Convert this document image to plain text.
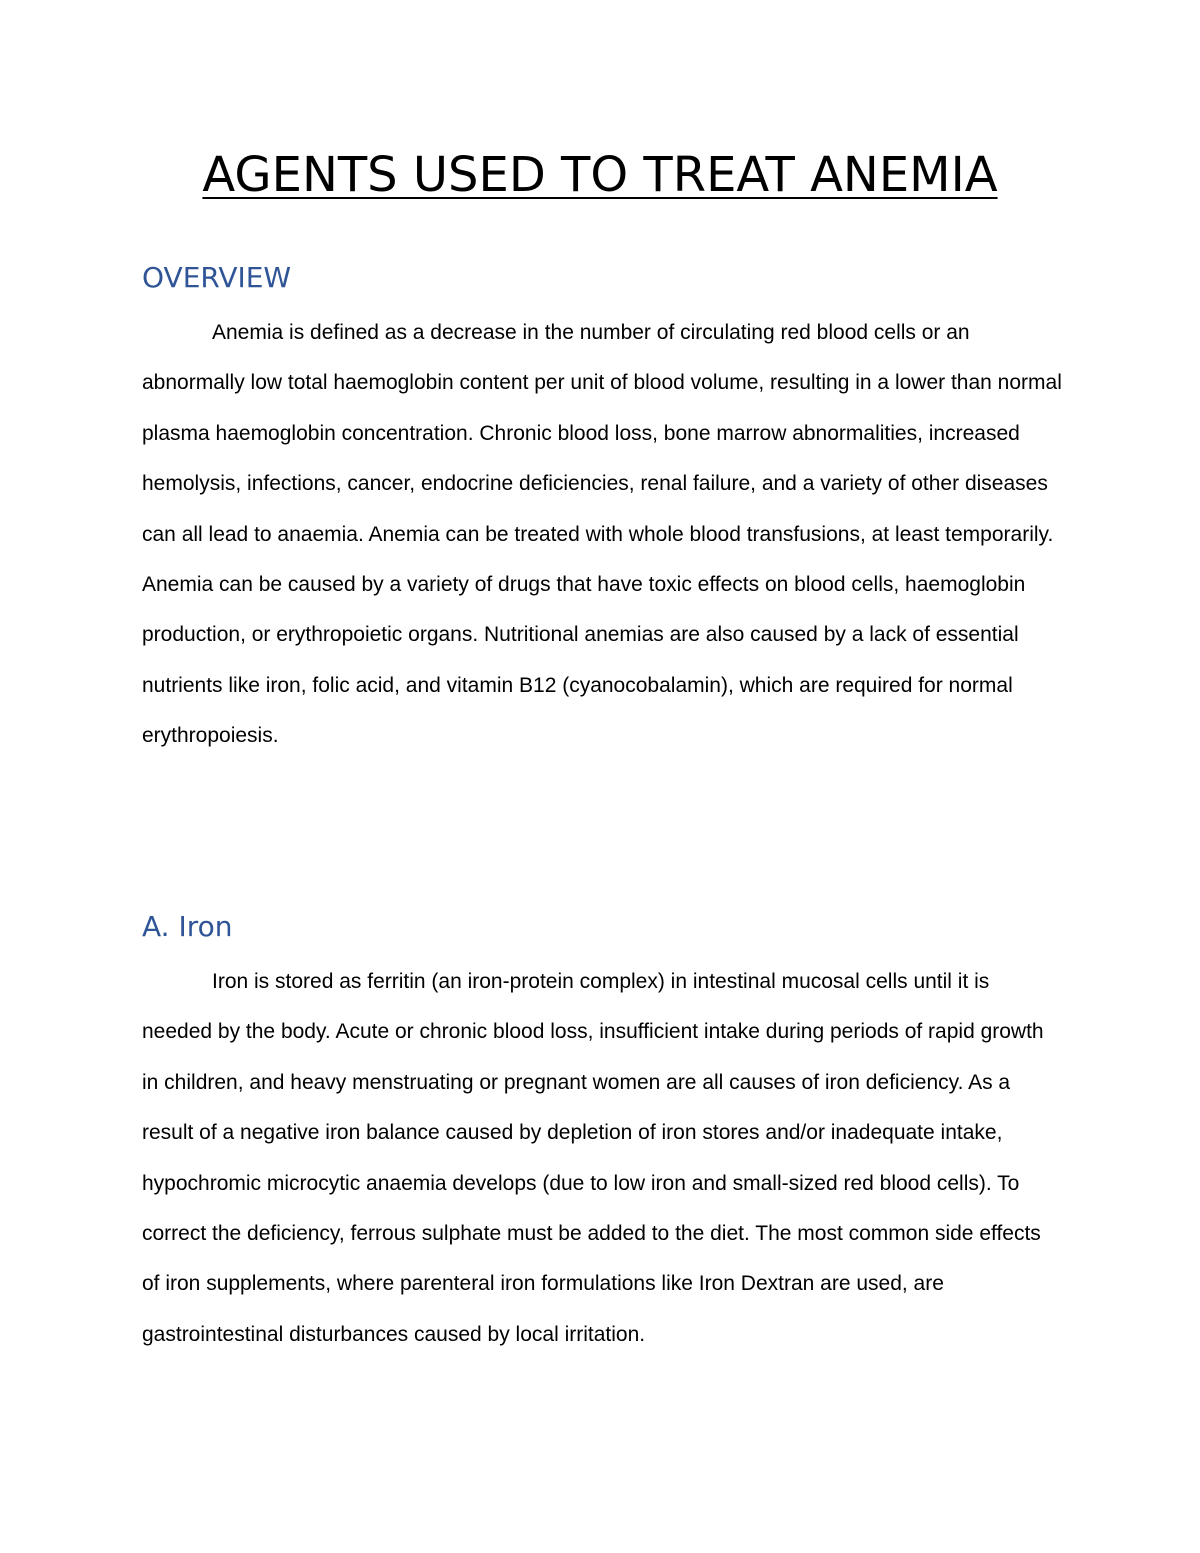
AGENTS USED TO TREAT ANEMIA
OVERVIEW

Anemia is defined as a decrease in the number of circulating red blood cells or an abnormally low total haemoglobin content per unit of blood volume, resulting in a lower than normal plasma haemoglobin concentration. Chronic blood loss, bone marrow abnormalities, increased hemolysis, infections, cancer, endocrine deficiencies, renal failure, and a variety of other diseases can all lead to anaemia. Anemia can be treated with whole blood transfusions, at least temporarily. Anemia can be caused by a variety of drugs that have toxic effects on blood cells, haemoglobin production, or erythropoietic organs. Nutritional anemias are also caused by a lack of essential nutrients like iron, folic acid, and vitamin B12 (cyanocobalamin), which are required for normal erythropoiesis.

A. Iron

Iron is stored as ferritin (an iron-protein complex) in intestinal mucosal cells until it is needed by the body. Acute or chronic blood loss, insufficient intake during periods of rapid growth in children, and heavy menstruating or pregnant women are all causes of iron deficiency. As a result of a negative iron balance caused by depletion of iron stores and/or inadequate intake, hypochromic microcytic anaemia develops (due to low iron and small-sized red blood cells). To correct the deficiency, ferrous sulphate must be added to the diet. The most common side effects of iron supplements, where parenteral iron formulations like Iron Dextran are used, are gastrointestinal disturbances caused by local irritation.
